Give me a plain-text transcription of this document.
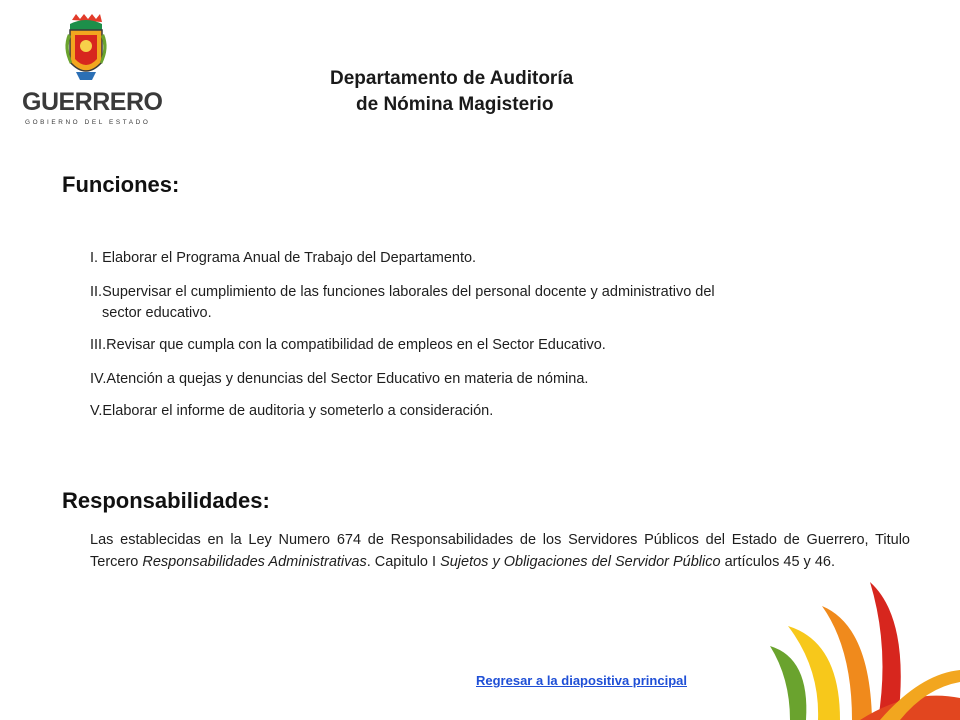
GUERRERO
GOBIERNO DEL ESTADO
Departamento de Auditoría
de Nómina Magisterio
Funciones:
I. Elaborar el Programa Anual de Trabajo del Departamento.
II.Supervisar el cumplimiento de las funciones laborales del personal docente y administrativo del
sector educativo.
III.Revisar que cumpla con la compatibilidad de empleos en el Sector Educativo.
IV.Atención a quejas y denuncias del Sector Educativo en materia de nómina.
V.Elaborar el informe de auditoria y someterlo a consideración.
Responsabilidades:
Las establecidas en la Ley Numero 674 de Responsabilidades de los Servidores Públicos del Estado de Guerrero, Titulo Tercero Responsabilidades Administrativas. Capitulo I Sujetos y Obligaciones del Servidor Público artículos 45 y 46.
Regresar a la diapositiva principal
